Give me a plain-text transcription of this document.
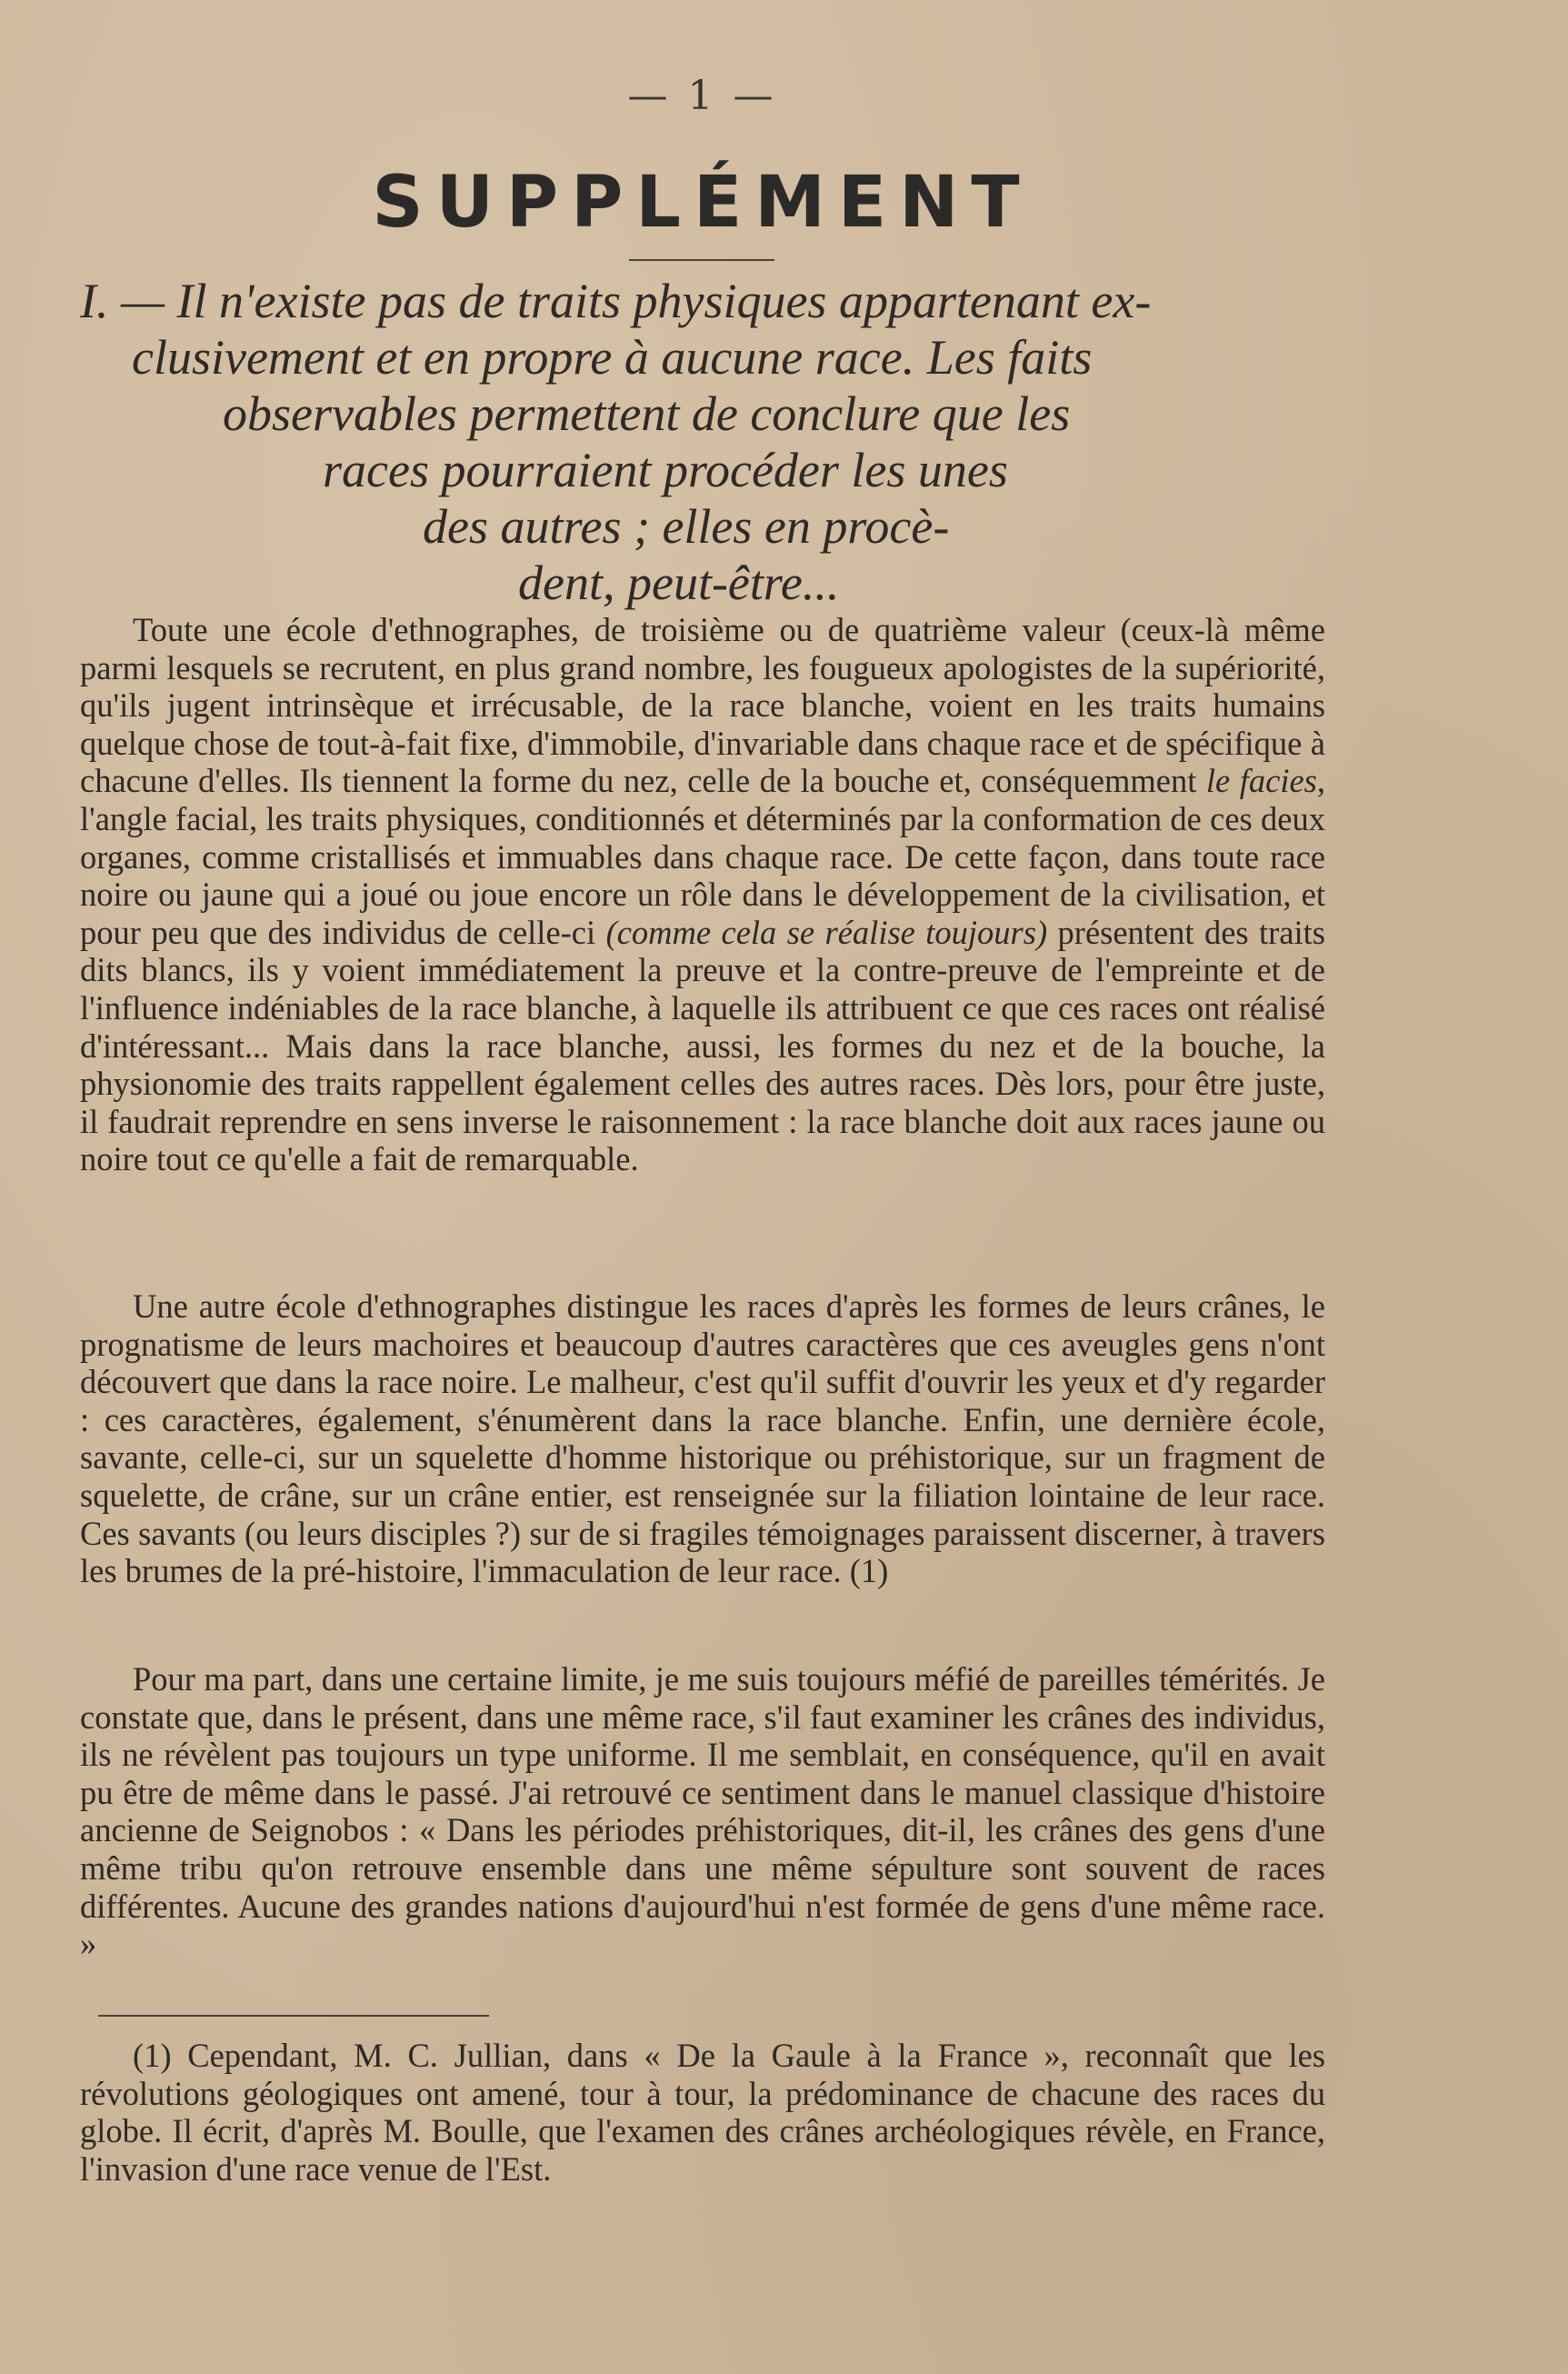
— 1 —
SUPPLÉMENT
I. — Il n'existe pas de traits physiques appartenant ex-
clusivement et en propre à aucune race. Les faits
observables permettent de conclure que les
races pourraient procéder les unes
des autres ; elles en procè-
dent, peut-être...

Toute une école d'ethnographes, de troisième ou de quatrième valeur (ceux-là même parmi lesquels se recrutent, en plus grand nombre, les fougueux apologistes de la supériorité, qu'ils jugent intrinsèque et irrécusable, de la race blanche, voient en les traits humains quelque chose de tout-à-fait fixe, d'immobile, d'invariable dans chaque race et de spécifique à chacune d'elles. Ils tiennent la forme du nez, celle de la bouche et, conséquemment le facies, l'angle facial, les traits physiques, conditionnés et déterminés par la conformation de ces deux organes, comme cristallisés et immuables dans chaque race. De cette façon, dans toute race noire ou jaune qui a joué ou joue encore un rôle dans le développement de la civilisation, et pour peu que des individus de celle-ci (comme cela se réalise toujours) présentent des traits dits blancs, ils y voient immédiatement la preuve et la contre-preuve de l'empreinte et de l'influence indéniables de la race blanche, à laquelle ils attribuent ce que ces races ont réalisé d'intéressant... Mais dans la race blanche, aussi, les formes du nez et de la bouche, la physionomie des traits rappellent également celles des autres races. Dès lors, pour être juste, il faudrait reprendre en sens inverse le raisonnement : la race blanche doit aux races jaune ou noire tout ce qu'elle a fait de remarquable.

Une autre école d'ethnographes distingue les races d'après les formes de leurs crânes, le prognatisme de leurs machoires et beaucoup d'autres caractères que ces aveugles gens n'ont découvert que dans la race noire. Le malheur, c'est qu'il suffit d'ouvrir les yeux et d'y regarder : ces caractères, également, s'énumèrent dans la race blanche. Enfin, une dernière école, savante, celle-ci, sur un squelette d'homme historique ou préhistorique, sur un fragment de squelette, de crâne, sur un crâne entier, est renseignée sur la filiation lointaine de leur race. Ces savants (ou leurs disciples ?) sur de si fragiles témoignages paraissent discerner, à travers les brumes de la pré-histoire, l'immaculation de leur race. (1)

Pour ma part, dans une certaine limite, je me suis toujours méfié de pareilles témérités. Je constate que, dans le présent, dans une même race, s'il faut examiner les crânes des individus, ils ne révèlent pas toujours un type uniforme. Il me semblait, en conséquence, qu'il en avait pu être de même dans le passé. J'ai retrouvé ce sentiment dans le manuel classique d'histoire ancienne de Seignobos : « Dans les périodes préhistoriques, dit-il, les crânes des gens d'une même tribu qu'on retrouve ensemble dans une même sépulture sont souvent de races différentes. Aucune des grandes nations d'aujourd'hui n'est formée de gens d'une même race. »

(1) Cependant, M. C. Jullian, dans « De la Gaule à la France », reconnaît que les révolutions géologiques ont amené, tour à tour, la prédominance de chacune des races du globe. Il écrit, d'après M. Boulle, que l'examen des crânes archéologiques révèle, en France, l'invasion d'une race venue de l'Est.
